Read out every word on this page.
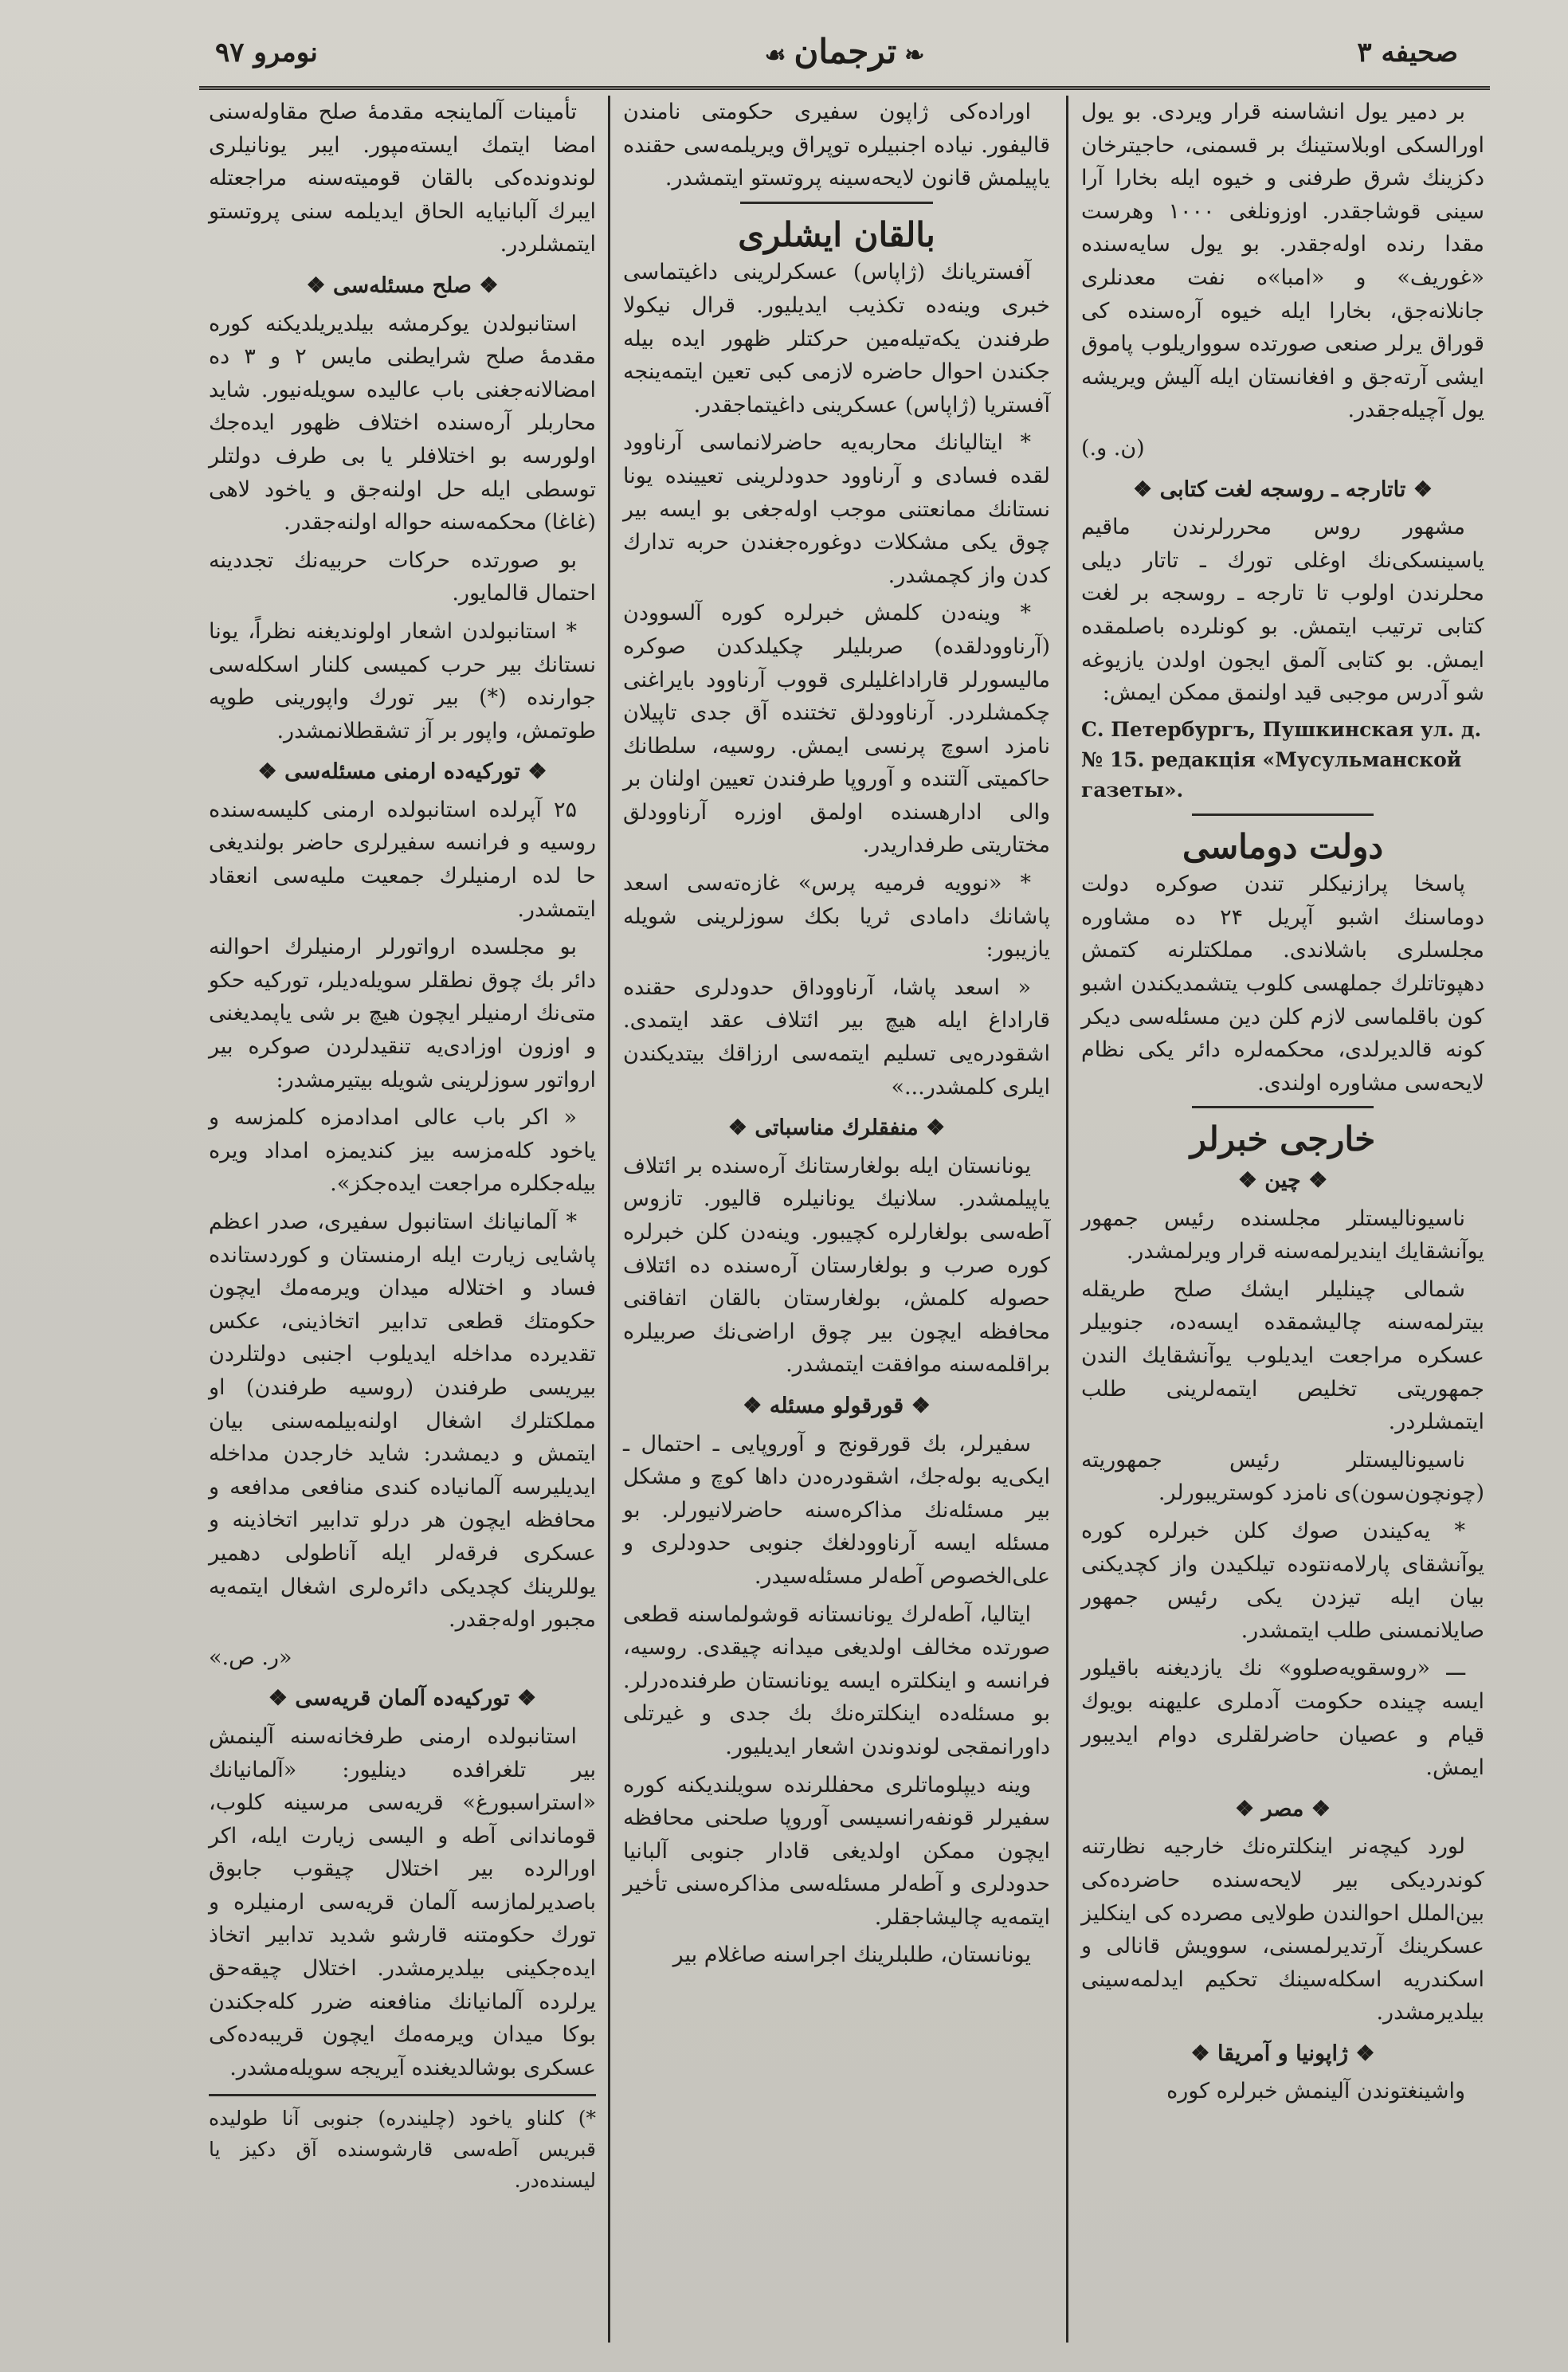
صحیفه ۳
❧ترجمان☙
نومرو ۹۷

بر دمیر یول انشاسنه قرار ویردی. بو یول اورالسکی اوبلاستینك بر قسمنی، حاجیترخان دکزینك شرق طرفنی و خیوه ایله بخارا آرا سینی قوشاجقدر. اوزونلغی ۱۰۰۰ وهرست مقدا رنده اوله‌جقدر. بو یول سایه‌سنده «غوریف» و «امبا»ه نفت معدنلری جانلانه‌جق، بخارا ایله خیوه آره‌سنده کی قوراق یرلر صنعی صورتده سوواریلوب پاموق ایشی آرته‌جق و افغانستان ایله آلیش ویریشه یول آچیله‌جقدر.

(ن. و.)
❖ تاتارجه ـ روسجه لغت کتابی ❖

مشهور روس محررلرندن ماقیم یاسینسکی‌نك اوغلی تورك ـ تاتار دیلی محلرندن اولوب تا تارجه ـ روسجه بر لغت کتابی ترتیب ایتمش. بو کونلرده باصلمقده ایمش. بو کتابی آلمق ایجون اولدن یازیوغه شو آدرس موجبی قید اولنمق ممکن ایمش:

С. Петербургъ, Пушкинская ул. д. № 15. редакція «Мусульманской газеты».
دولت دوماسی

پاسخا پرازنیکلر تندن صوکره دولت دوماسنك اشبو آپریل ۲۴ ده مشاوره مجلسلری باشلاندی. مملکتلرنه کتمش دهپوتاتلرك جملهسی کلوب یتشمدیکندن اشبو کون باقلماسی لازم کلن دین مسئله‌سی دیکر کونه قالدیرلدی، محکمه‌لره دائر یکی نظام لایحه‌سی مشاوره اولندی.

خارجی خبرلر
❖ چین ❖

ناسیونالیستلر مجلسنده رئیس جمهور یوآنشقایك ایندیرلمه‌سنه قرار ویرلمشدر.

شمالی چینلیلر ایشك صلح طریقله بیترلمه‌سنه چالیشمقده ایسه‌ده، جنوبیلر عسکره مراجعت ایدیلوب یوآنشقایك الندن جمهوریتی تخلیص ایتمه‌لرینی طلب ایتمشلردر.

ناسیونالیستلر رئیس جمهوریته (چونچون‌سون)ی نامزد کوستریبورلر.

* یه‌کیندن صوك کلن خبرلره کوره یوآنشقای پارلامه‌نتوده تیلکیدن واز کچدیکنی بیان ایله تیزدن یکی رئیس جمهور صایلانمسنی طلب ایتمشدر.

ـــ «روسقویه‌صلوو» نك یازدیغنه باقیلور ایسه چینده حکومت آدملری علیهنه بویوك قیام و عصیان حاضرلقلری دوام ایدیبور ایمش.

❖ مصر ❖

لورد کیچه‌نر اینکلتره‌نك خارجیه نظارتنه کوندردیکی بیر لایحه‌سنده حاضرده‌کی بین‌الملل احوالندن طولایی مصرده کی اینکلیز عسکرینك آرتدیرلمسنی، سوویش قانالی و اسکندریه اسکله‌سینك تحکیم ایدلمه‌سینی بیلدیرمشدر.

❖ ژاپونیا و آمریقا ❖

واشینغتوندن آلینمش خبرلره کوره

اوراده‌کی ژاپون سفیری حکومتی نامندن قالیفور. نیاده اجنبیلره توپراق ویریلمه‌سی حقنده یاپیلمش قانون لایحه‌سینه پروتستو ایتمشدر.

بالقان ایشلری

آفستریانك (ژاپاس) عسکرلرینی داغیتماسی خبری وینه‌ده تکذیب ایدیلیور. قرال نیکولا طرفندن یکه‌تیله‌مین حرکتلر ظهور ایده بیله جکندن احوال حاضره لازمی کبی تعین ایتمه‌ینجه آفستریا (ژاپاس) عسکرینی داغیتماجقدر.

* ایتالیانك محاربه‌یه حاضرلانماسی آرناوود لقده فسادی و آرناوود حدودلرینی تعیینده یونا نستانك ممانعتنی موجب اوله‌جغی بو ایسه بیر چوق یکی مشکلات دوغوره‌جغندن حربه تدارك کدن واز کچمشدر.

* وینه‌دن کلمش خبرلره کوره آلسوودن (آرناوودلقده) صربلیلر چکیلدکدن صوکره مالیسورلر قاراداغلیلری قووب آرناوود بایراغنی چکمشلردر. آرناوودلق تختنده آق جدی تاپیلان نامزد اسوچ پرنسی ایمش. روسیه، سلطانك حاکمیتی آلتنده و آوروپا طرفندن تعیین اولنان بر والی ادارهسنده اولمق اوزره آرناوودلق مختاریتی طرفداریدر.

* «نوویه فرمیه پرس» غازه‌ته‌سی اسعد پاشانك دامادی ثریا بکك سوزلرینی شویله یازیبور:

« اسعد پاشا، آرناووداق حدودلری حقنده قاراداغ ایله هیچ بیر ائتلاف عقد ایتمدی. اشقودره‌یی تسلیم ایتمه‌سی ارزاقك بیتدیکندن ایلری کلمشدر...»

❖ منفقلرك مناسباتی ❖

یونانستان ایله بولغارستانك آره‌سنده بر ائتلاف یاپیلمشدر. سلانیك یونانیلره قالیور. تازوس آطه‌سی بولغارلره کچیبور. وینه‌دن کلن خبرلره کوره صرب و بولغارستان آره‌سنده ده ائتلاف حصوله کلمش، بولغارستان بالقان اتفاقنی محافظه ایچون بیر چوق اراضی‌نك صربیلره براقلمه‌سنه موافقت ایتمشدر.

❖ قورقولو مسئله ❖

سفیرلر، بك قورقونج و آوروپایی ـ احتمال ـ ایکی‌یه بوله‌جك، اشقودره‌دن داها کوچ و مشکل بیر مسئله‌نك مذاکره‌سنه حاضرلانیورلر. بو مسئله ایسه آرناوودلغك جنوبی حدودلری و علی‌الخصوص آطه‌لر مسئله‌سیدر.

ایتالیا، آطه‌لرك یونانستانه قوشولماسنه قطعی صورتده مخالف اولدیغی میدانه چیقدی. روسیه، فرانسه و اینکلتره ایسه یونانستان طرفنده‌درلر. بو مسئله‌ده اینکلتره‌نك بك جدی و غیرتلی داورانمقجی لوندوندن اشعار ایدیلیور.

وینه دیپلوماتلری محفللرنده سویلندیکنه کوره سفیرلر قونفه‌رانسیسی آوروپا صلحنی محافظه ایچون ممکن اولدیغی قادار جنوبی آلبانیا حدودلری و آطه‌لر مسئله‌سی مذاکره‌سنی تأخیر ایتمه‌یه چالیشاجقلر.

یونانستان، طلبلرینك اجراسنه صاغلام بیر

تأمینات آلماینجه مقدمهٔ صلح مقاوله‌سنی امضا ایتمك ایسته‌مپور. ایبر یونانیلری لوندونده‌کی بالقان قومیته‌سنه مراجعتله ایبرك آلبانیایه الحاق ایدیلمه‌ سنی پروتستو ایتمشلردر.

❖ صلح مسئله‌سی ❖

استانبولدن یوکرمشه بیلدیریلدیکنه کوره مقدمهٔ صلح شرایطنی مایس ۲ و ۳ ده امضالانه‌جغنی باب عالیده سویله‌نیور. شاید محاربلر آره‌سنده اختلاف ظهور ایده‌جك اولورسه بو اختلافلر یا بی طرف دولتلر توسطی ایله حل اولنه‌جق و یاخود لاهی (غاغا) محکمه‌سنه حواله اولنه‌جقدر.

بو صورتده حرکات حربیه‌نك تجددینه احتمال قالمایور.

* استانبولدن اشعار اولوندیغنه نظراً، یونا نستانك بیر حرب کمیسی کلنار اسکله‌سی جوارنده (*) بیر تورك واپورینی طوپه طوتمش، واپور بر آز تشقطلانمشدر.

❖ تورکیه‌ده ارمنی مسئله‌سی ❖

۲۵ آپرلده استانبولده ارمنی کلیسه‌سنده روسیه و فرانسه سفیرلری حاضر بولندیغی حا لده ارمنیلرك جمعیت ملیه‌سی انعقاد ایتمشدر.

بو مجلسده ارواتورلر ارمنیلرك احوالنه دائر بك چوق نطقلر سویله‌دیلر، تورکیه حکو متی‌نك ارمنیلر ایچون هیچ بر شی یاپمدیغنی و اوزون اوزادی‌یه تنقیدلردن صوکره بیر ارواتور سوزلرینی شویله بیتیرمشدر:

« اکر باب عالی امدادمزه کلمزسه و یاخود کله‌مزسه بیز کندیمزه امداد ویره بیله‌جکلره مراجعت ایده‌جکز».

* آلمانیانك استانبول سفیری، صدر اعظم پاشایی زیارت ایله ارمنستان و کوردستانده فساد و اختلاله میدان ویرمه‌مك ایچون حکومتك قطعی تدابیر اتخاذینی، عکس تقدیرده مداخله ایدیلوب اجنبی دولتلردن بیریسی طرفندن (روسیه طرفندن) او مملکتلرك اشغال اولنه‌بیلمه‌سنی بیان ایتمش و دیمشدر: شاید خارجدن مداخله ایدیلیرسه آلمانیاده کندی منافعی مدافعه و محافظه ایچون هر درلو تدابیر اتخاذینه و عسکری فرقه‌لر ایله آناطولی دهمیر یوللرینك کچدیکی دائره‌لری اشغال ایتمه‌یه مجبور اوله‌جقدر.

«ر. ص.»
❖ تورکیه‌ده آلمان قریه‌سی ❖

استانبولده ارمنی طرفخانه‌سنه آلینمش بیر تلغرافده دینلیور: «آلمانیانك «استراسبورغ» قریه‌سی مرسینه کلوب، قوماندانی آطه و الیسی زیارت ایله، اکر اورالرده بیر اختلال چیقوب جابوق باصدیرلمازسه آلمان قریه‌سی ارمنیلره و تورك حکومتنه قارشو شدید تدابیر اتخاذ ایده‌جکینی بیلدیرمشدر. اختلال چیقه‌حق یرلرده آلمانیانك منافعنه ضرر کله‌جکندن بوکا میدان ویرمه‌مك ایچون قریبه‌ده‌کی عسکری بوشالدیغنده آیریجه سویله‌مشدر.

*) کلناو یاخود (چلیندره) جنوبی آنا طولیده قبریس آطه‌سی قارشوسنده آق دکیز یا لیسنده‌در.
